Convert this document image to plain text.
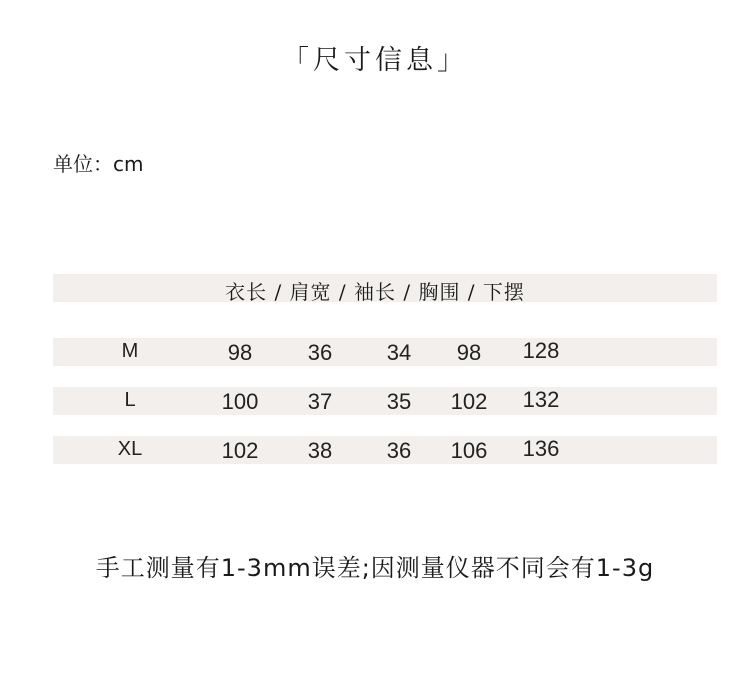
「尺寸信息」
单位：cm
衣长 / 肩宽 / 袖长 / 胸围 / 下摆
M	98	36	34	98	128
L	100	37	35	102	132
XL	102	38	36	106	136
手工测量有1-3mm误差;因测量仪器不同会有1-3g
